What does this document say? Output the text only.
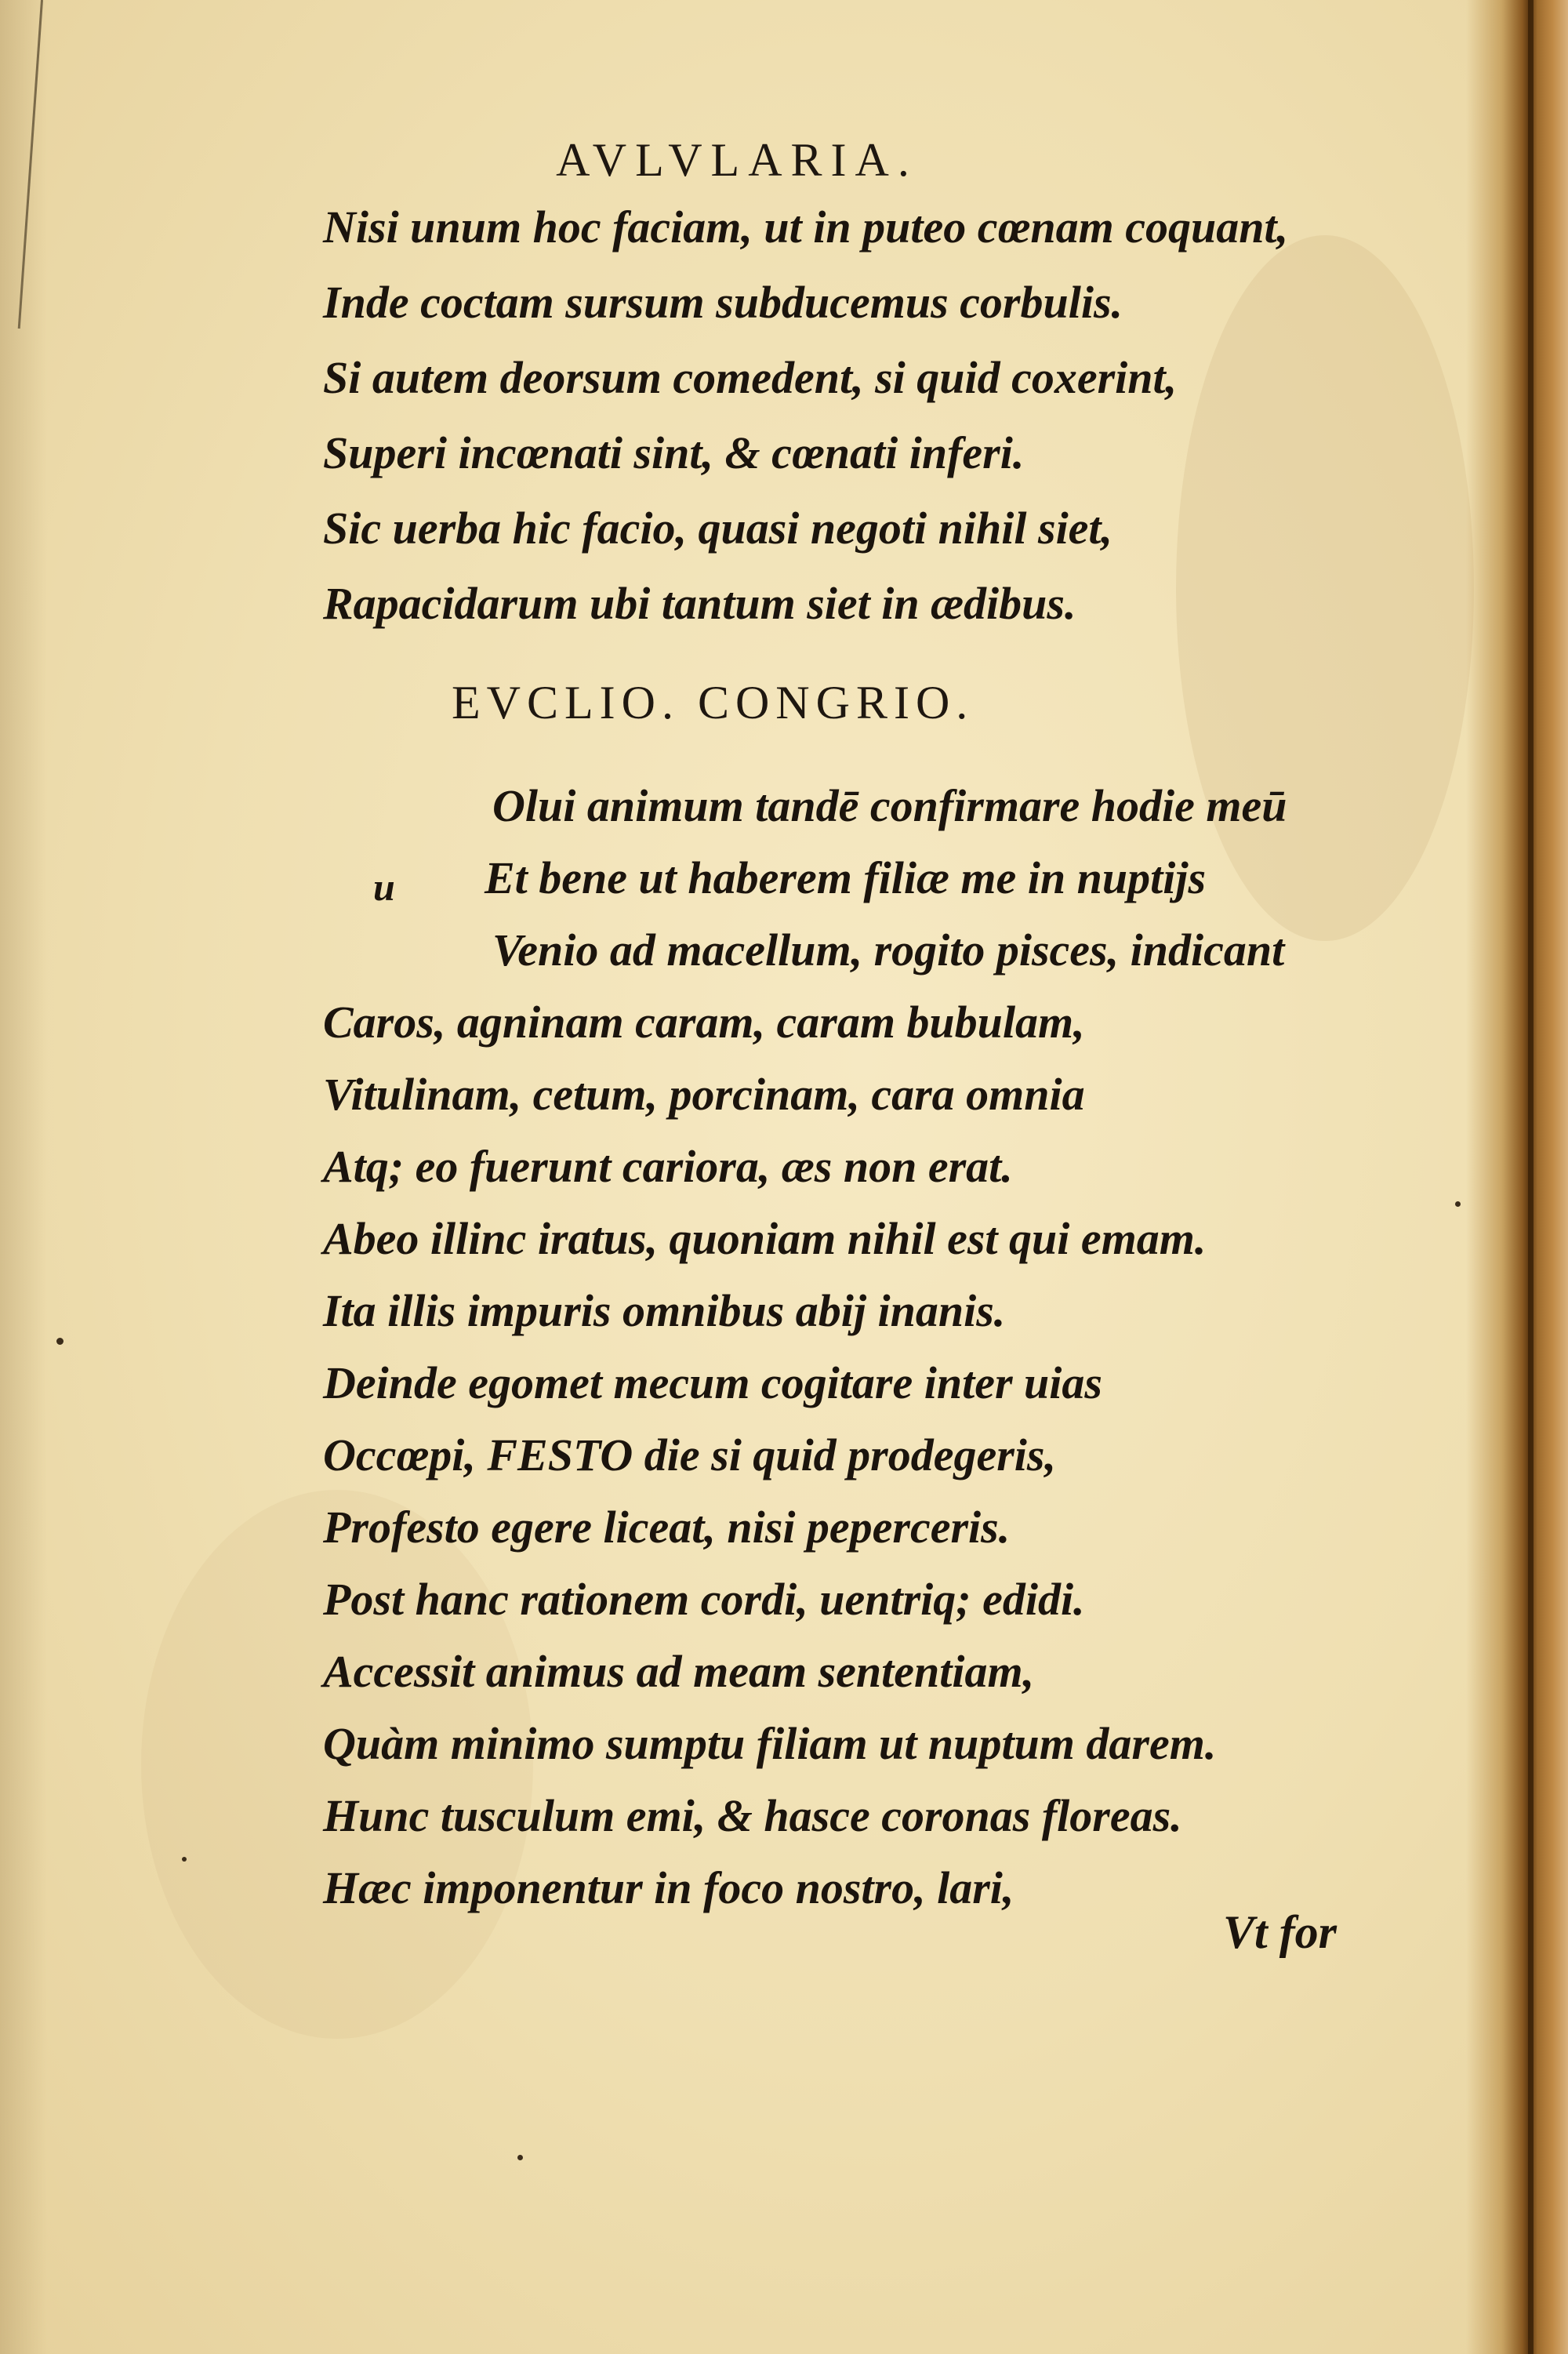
AVLVLARIA.
Nisi unum hoc faciam, ut in puteo cœnam coquant,
Inde coctam sursum subducemus corbulis.
Si autem deorsum comedent, si quid coxerint,
Superi incœnati sint, & cœnati inferi.
Sic uerba hic facio, quasi negoti nihil siet,
Rapacidarum ubi tantum siet in ædibus.
EVCLIO. CONGRIO.
u
Olui animum tandē confirmare hodie meū
Et bene ut haberem filiæ me in nuptijs
Venio ad macellum, rogito pisces, indicant
Caros, agninam caram, caram bubulam,
Vitulinam, cetum, porcinam, cara omnia
Atq; eo fuerunt cariora, æs non erat.
Abeo illinc iratus, quoniam nihil est qui emam.
Ita illis impuris omnibus abij inanis.
Deinde egomet mecum cogitare inter uias
Occœpi, FESTO die si quid prodegeris,
Profesto egere liceat, nisi peperceris.
Post hanc rationem cordi, uentriq; edidi.
Accessit animus ad meam sententiam,
Quàm minimo sumptu filiam ut nuptum darem.
Hunc tusculum emi, & hasce coronas floreas.
Hæc imponentur in foco nostro, lari,
Vt for
